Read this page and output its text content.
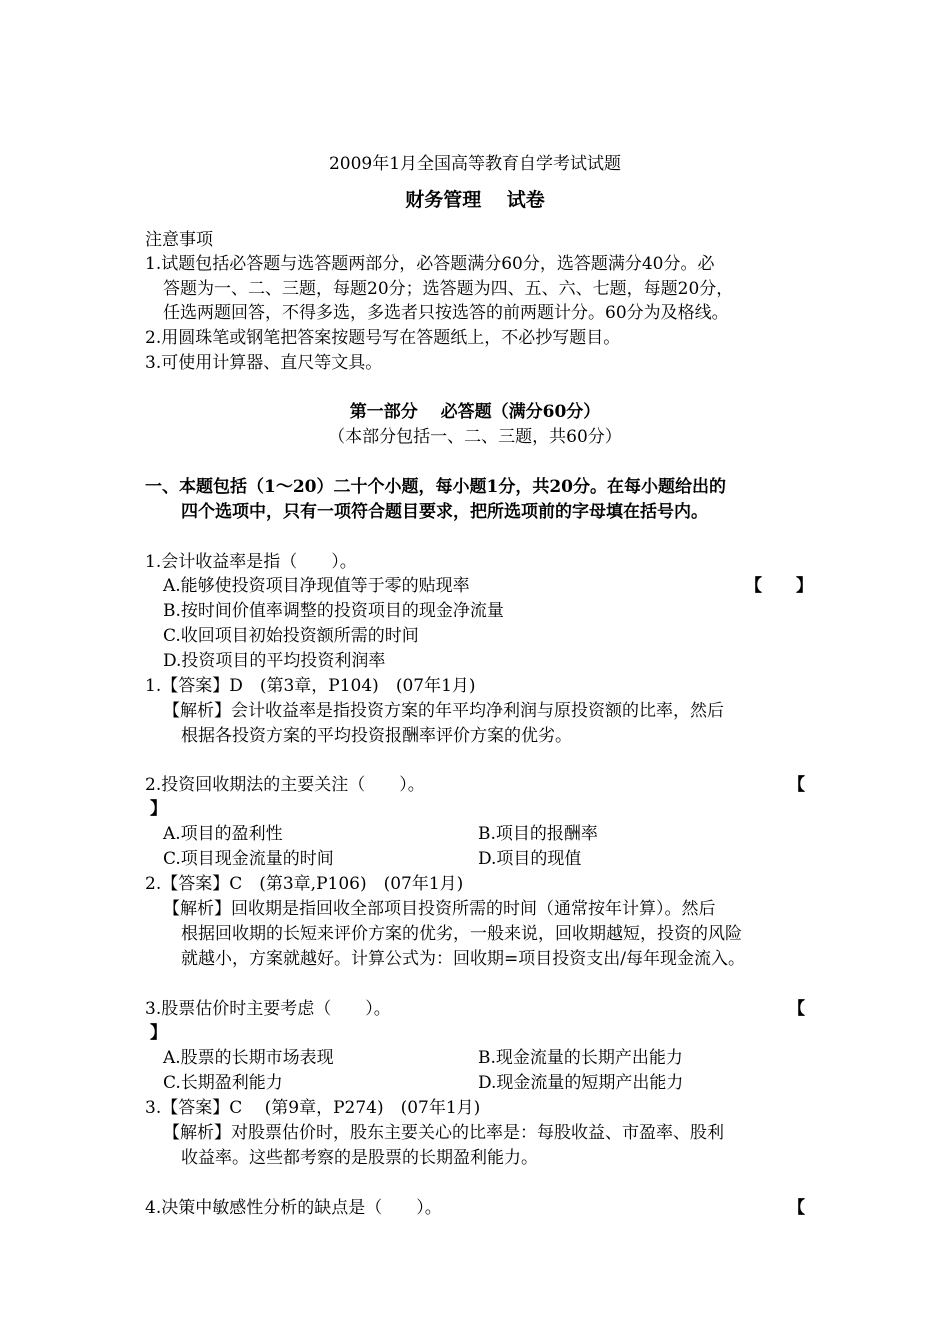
2009年1月全国高等教育自学考试试题
财务管理　 试卷
注意事项
1.试题包括必答题与选答题两部分，必答题满分60分，选答题满分40分。必
答题为一、二、三题，每题20分；选答题为四、五、六、七题，每题20分，
任选两题回答，不得多选，多选者只按选答的前两题计分。60分为及格线。
2.用圆珠笔或钢笔把答案按题号写在答题纸上，不必抄写题目。
3.可使用计算器、直尺等文具。
第一部分　 必答题（满分60分）
（本部分包括一、二、三题，共60分）
一、本题包括（1～20）二十个小题，每小题1分，共20分。在每小题给出的
四个选项中，只有一项符合题目要求，把所选项前的字母填在括号内。
1.会计收益率是指（　　）。
【　　】
A.能够使投资项目净现值等于零的贴现率
B.按时间价值率调整的投资项目的现金净流量
C.收回项目初始投资额所需的时间
D.投资项目的平均投资利润率
1.【答案】D　(第3章，P104)　(07年1月)
【解析】会计收益率是指投资方案的年平均净利润与原投资额的比率，然后
根据各投资方案的平均投资报酬率评价方案的优劣。
2.投资回收期法的主要关注（　　）。	【
】
A.项目的盈利性	B.项目的报酬率
C.项目现金流量的时间	D.项目的现值
2.【答案】C　(第3章,P106)　(07年1月)
【解析】回收期是指回收全部项目投资所需的时间（通常按年计算）。然后
根据回收期的长短来评价方案的优劣，一般来说，回收期越短，投资的风险
就越小，方案就越好。计算公式为：回收期=项目投资支出/每年现金流入。
3.股票估价时主要考虑（　　）。	【
】
A.股票的长期市场表现	B.现金流量的长期产出能力
C.长期盈利能力	D.现金流量的短期产出能力
3.【答案】C　 (第9章，P274)　(07年1月)
【解析】对股票估价时，股东主要关心的比率是：每股收益、市盈率、股利
收益率。这些都考察的是股票的长期盈利能力。
4.决策中敏感性分析的缺点是（　　）。	【
